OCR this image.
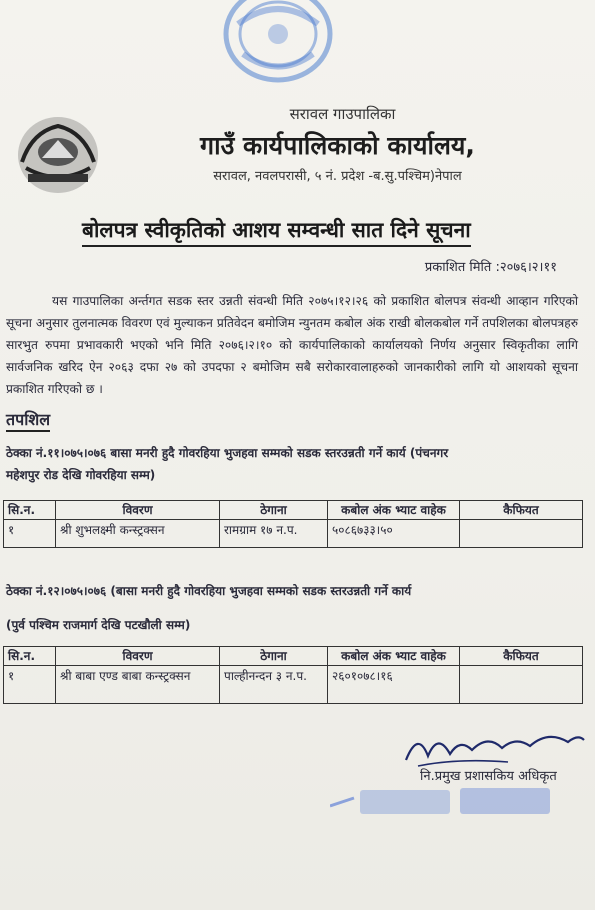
सरावल गाउपालिका
गाउँ कार्यपालिकाको कार्यालय,
सरावल, नवलपरासी, ५ नं. प्रदेश -ब.सु.पश्चिम)नेपाल
बोलपत्र स्वीकृतिको आशय सम्वन्धी सात दिने सूचना
प्रकाशित मिति :२०७६।२।११
यस गाउपालिका अर्न्तगत सडक स्तर उन्नती संवन्धी मिति २०७५।१२।२६ को प्रकाशित बोलपत्र संवन्धी आव्हान गरिएको सूचना अनुसार तुलनात्मक विवरण एवं मुल्याकन प्रतिवेदन बमोजिम न्युनतम कबोल अंक राखी बोलकबोल गर्ने तपशिलका बोलपत्रहरु सारभुत रुपमा प्रभावकारी भएको भनि मिति २०७६।२।१० को कार्यपालिकाको कार्यालयको निर्णय अनुसार स्विकृतीका लागि सार्वजनिक खरिद ऐन २०६३ दफा २७ को उपदफा २ बमोजिम सबै सरोकारवालाहरुको जानकारीको लागि यो आशयको सूचना प्रकाशित गरिएको छ ।
तपशिल
ठेक्का नं.११।०७५।०७६ बासा मनरी हुदै गोवरहिया भुजहवा सम्मको सडक स्तरउन्नती गर्ने कार्य (पंचनगर
महेशपुर रोड देखि गोवरहिया सम्म)
सि.न.	विवरण	ठेगाना	कबोल अंक भ्याट वाहेक	कैफियत
१	श्री शुभलक्ष्मी कन्स्ट्रक्सन	रामग्राम १७ न.प.	५०८६७३३।५०	
ठेक्का नं.१२।०७५।०७६ (बासा मनरी हुदै गोवरहिया भुजहवा सम्मको सडक स्तरउन्नती गर्ने कार्य
(पुर्व पश्चिम राजमार्ग देखि पटखौली सम्म)
सि.न.	विवरण	ठेगाना	कबोल अंक भ्याट वाहेक	कैफियत
१	श्री बाबा एण्ड बाबा कन्स्ट्रक्सन	पाल्हीनन्दन ३ न.प.	२६०१०७८।१६	
नि.प्रमुख प्रशासकिय अधिकृत
